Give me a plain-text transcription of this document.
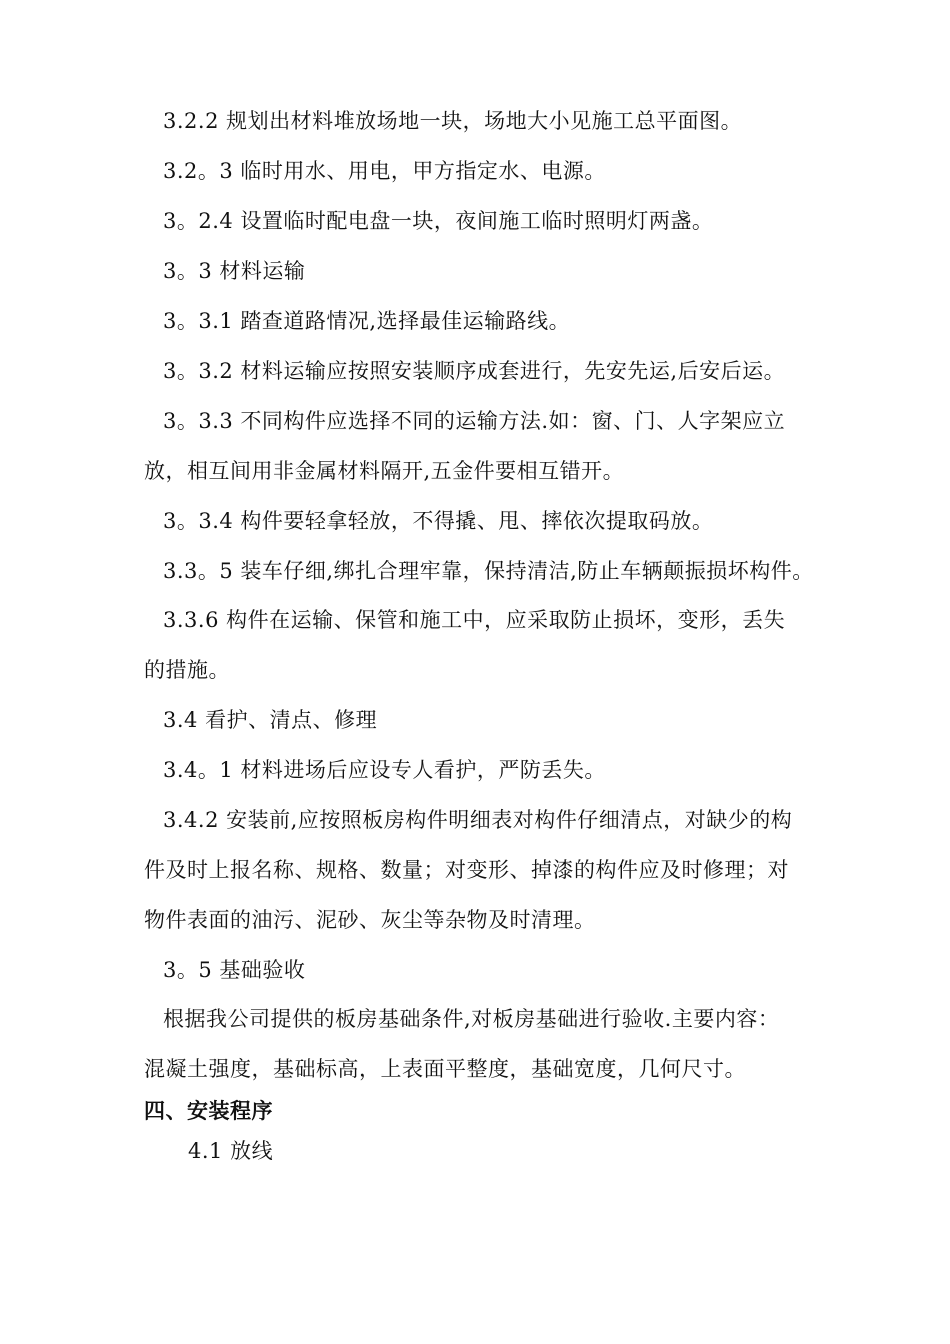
3.2.2 规划出材料堆放场地一块，场地大小见施工总平面图。
3.2。3 临时用水、用电，甲方指定水、电源。
3。2.4 设置临时配电盘一块，夜间施工临时照明灯两盏。
3。3 材料运输
3。3.1 踏查道路情况,选择最佳运输路线。
3。3.2 材料运输应按照安装顺序成套进行，先安先运,后安后运。
3。3.3 不同构件应选择不同的运输方法.如：窗、门、人字架应立
放，相互间用非金属材料隔开,五金件要相互错开。
3。3.4 构件要轻拿轻放，不得撬、甩、摔依次提取码放。
3.3。5 装车仔细,绑扎合理牢靠，保持清洁,防止车辆颠振损坏构件。
3.3.6 构件在运输、保管和施工中，应采取防止损坏，变形，丢失
的措施。
3.4 看护、清点、修理
3.4。1 材料进场后应设专人看护，严防丢失。
3.4.2 安装前,应按照板房构件明细表对构件仔细清点，对缺少的构
件及时上报名称、规格、数量；对变形、掉漆的构件应及时修理；对
物件表面的油污、泥砂、灰尘等杂物及时清理。
3。5 基础验收
根据我公司提供的板房基础条件,对板房基础进行验收.主要内容：
混凝土强度，基础标高，上表面平整度，基础宽度，几何尺寸。
四、安装程序
4.1 放线
